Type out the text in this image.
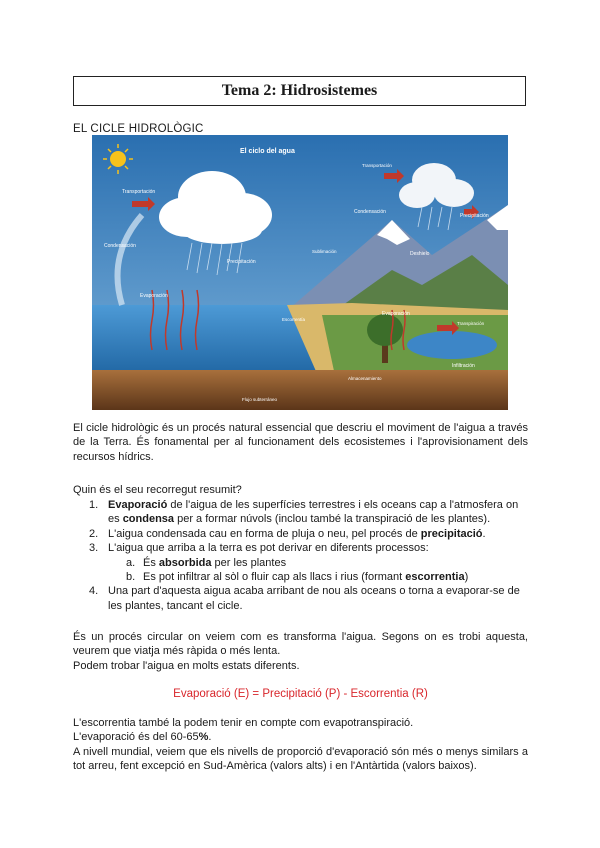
Tema 2: Hidrosistemes
EL CICLE HIDROLÒGIC
El ciclo del agua
Transportación
Transportación
Condensación
Condensación
Precipitación
Precipitación
Evaporación
Evaporación
Sublimación	Deshielo
Escorrentía
Infiltración
Almacenamiento
Flujo subterráneo
Transpiración

El cicle hidrològic és un procés natural essencial que descriu el moviment de l'aigua a través de la Terra. És fonamental per al funcionament dels ecosistemes i l'aprovisionament dels recursos hídrics.

Quin és el seu recorregut resumit?

1. Evaporació de l'aigua de les superfícies terrestres i els oceans cap a l'atmosfera on es condensa per a formar núvols (inclou també la transpiració de les plantes).
2. L'aigua condensada cau en forma de pluja o neu, pel procés de precipitació.
3. L'aigua que arriba a la terra es pot derivar en diferents processos:
a. És absorbida per les plantes
b. Es pot infiltrar al sòl o fluir cap als llacs i rius (formant escorrentia)
4. Una part d'aquesta aigua acaba arribant de nou als oceans o torna a evaporar-se de les plantes, tancant el cicle.

És un procés circular on veiem com es transforma l'aigua. Segons on es trobi aquesta, veurem que viatja més ràpida o més lenta.

Podem trobar l'aigua en molts estats diferents.

Evaporació (E) = Precipitació (P) - Escorrentia (R)
L'escorrentia també la podem tenir en compte com evapotranspiració.
L'evaporació és del 60-65%.
A nivell mundial, veiem que els nivells de proporció d'evaporació són més o menys similars a tot arreu, fent excepció en Sud-Amèrica (valors alts) i en l'Antàrtida (valors baixos).
